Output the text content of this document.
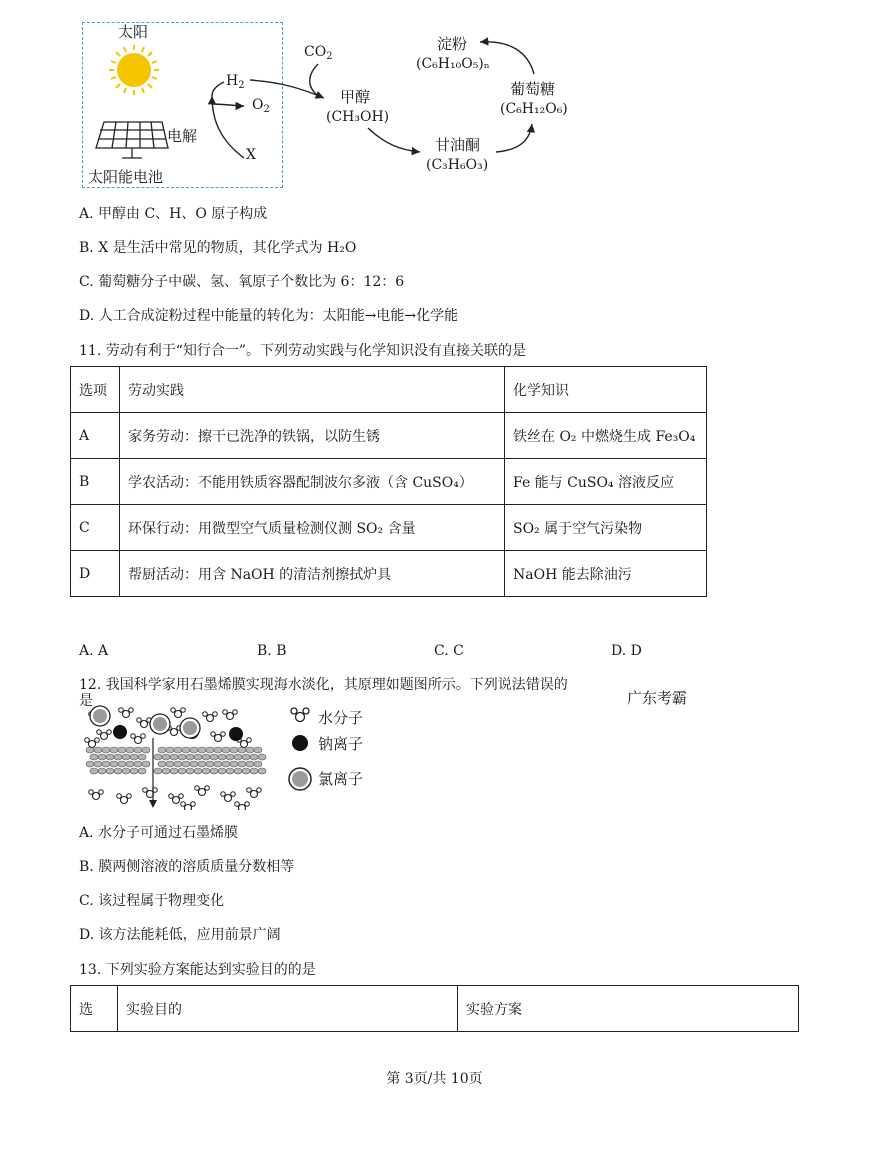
太阳
太阳能电池
电解
$H_2$
$O_2$
X
$CO_2$
甲醇
(CH₃OH)
甘油酮
(C₃H₆O₃)
葡萄糖
(C₆H₁₂O₆)
淀粉
(C₆H₁₀O₅)ₙ
A. 甲醇由 C、H、O 原子构成
B. X 是生活中常见的物质，其化学式为 H₂O
C. 葡萄糖分子中碳、氢、氧原子个数比为 6：12：6
D. 人工合成淀粉过程中能量的转化为：太阳能→电能→化学能
11. 劳动有利于“知行合一”。下列劳动实践与化学知识没有直接关联的是
选项	劳动实践	化学知识
A	家务劳动：擦干已洗净的铁锅，以防生锈	铁丝在 O₂ 中燃烧生成 Fe₃O₄
B	学农活动：不能用铁质容器配制波尔多液（含 CuSO₄）	Fe 能与 CuSO₄ 溶液反应
C	环保行动：用微型空气质量检测仪测 SO₂ 含量	SO₂ 属于空气污染物
D	帮厨活动：用含 NaOH 的清洁剂擦拭炉具	NaOH 能去除油污
A. A	B. B	C. C	D. D
12. 我国科学家用石墨烯膜实现海水淡化，其原理如题图所示。下列说法错误的
是	广东考霸
水分子
钠离子
氯离子
A. 水分子可通过石墨烯膜
B. 膜两侧溶液的溶质质量分数相等
C. 该过程属于物理变化
D. 该方法能耗低，应用前景广阔
13. 下列实验方案能达到实验目的的是
选	实验目的	实验方案
第 3页/共 10页
